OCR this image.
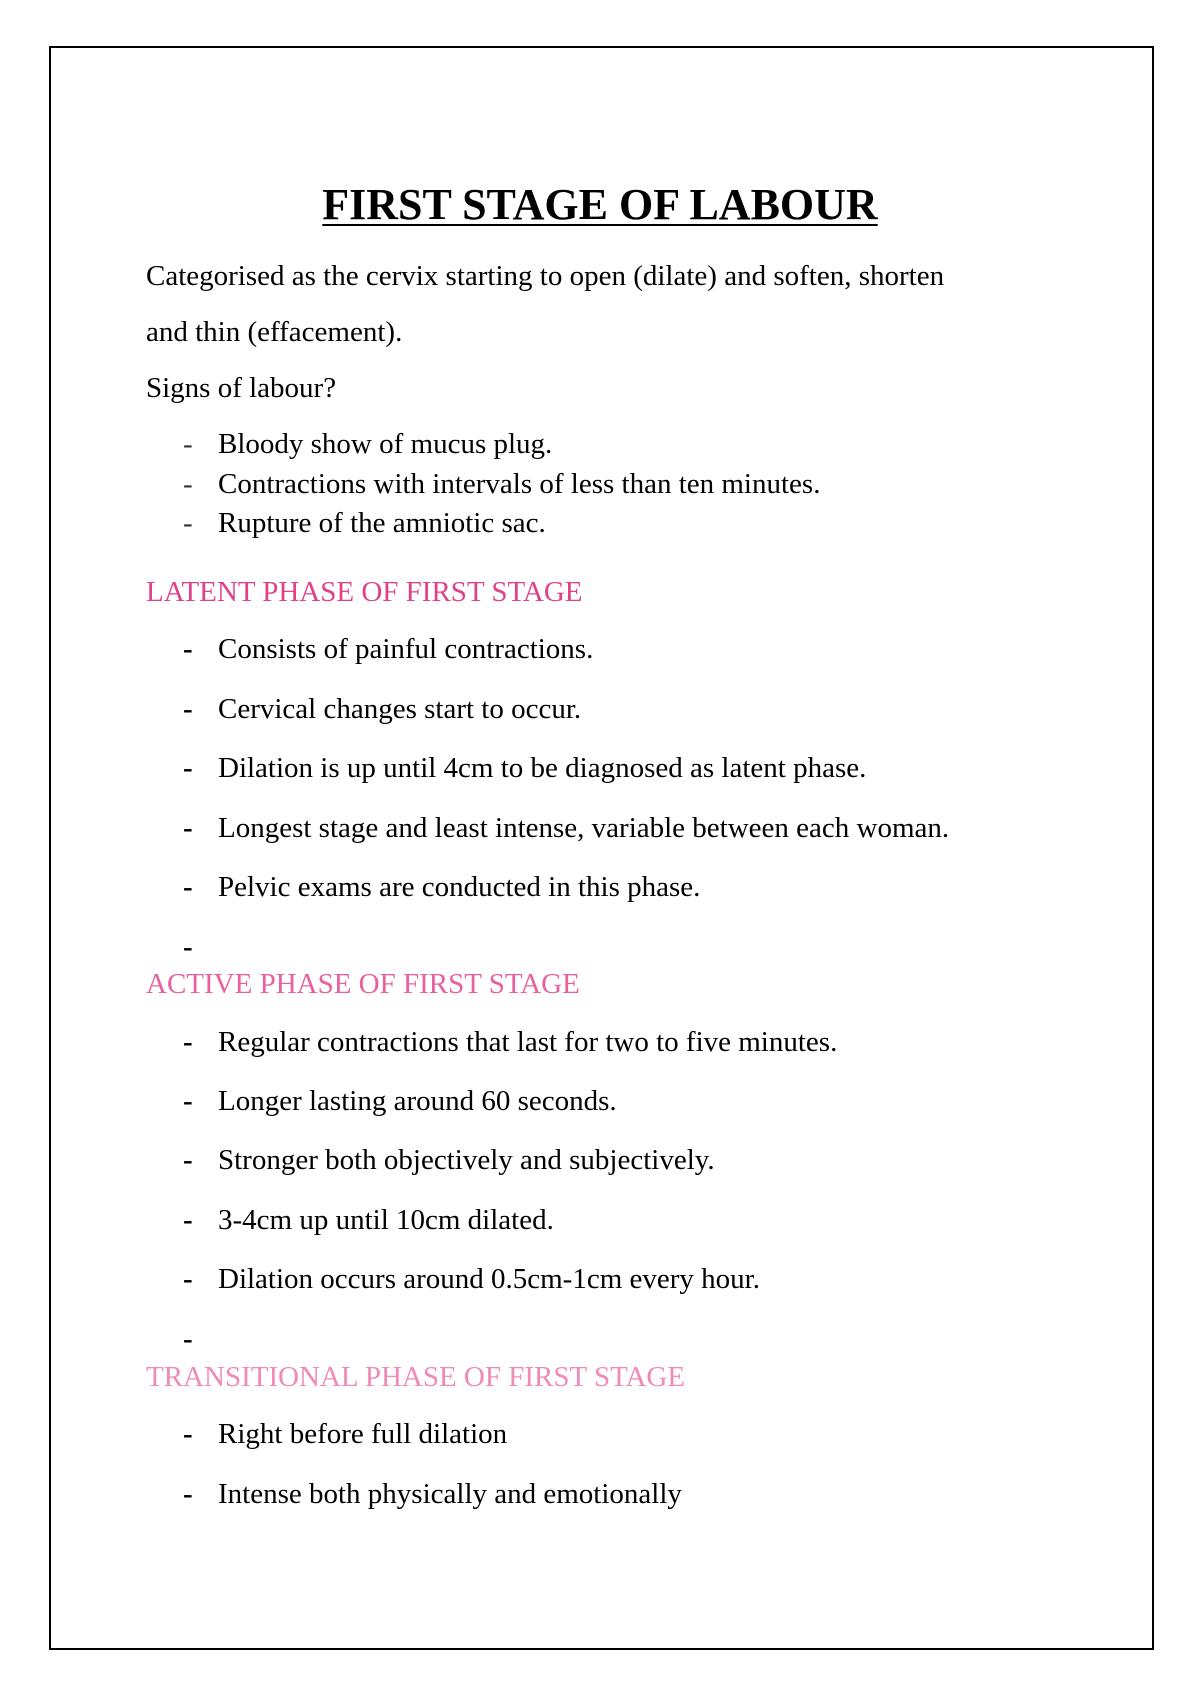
FIRST STAGE OF LABOUR

Categorised as the cervix starting to open (dilate) and soften, shorten

and thin (effacement).

Signs of labour?

- Bloody show of mucus plug.
- Contractions with intervals of less than ten minutes.
- Rupture of the amniotic sac.
LATENT PHASE OF FIRST STAGE
- Consists of painful contractions.
- Cervical changes start to occur.
- Dilation is up until 4cm to be diagnosed as latent phase.
- Longest stage and least intense, variable between each woman.
- Pelvic exams are conducted in this phase.
-
ACTIVE PHASE OF FIRST STAGE
- Regular contractions that last for two to five minutes.
- Longer lasting around 60 seconds.
- Stronger both objectively and subjectively.
- 3-4cm up until 10cm dilated.
- Dilation occurs around 0.5cm-1cm every hour.
-
TRANSITIONAL PHASE OF FIRST STAGE
- Right before full dilation
- Intense both physically and emotionally
